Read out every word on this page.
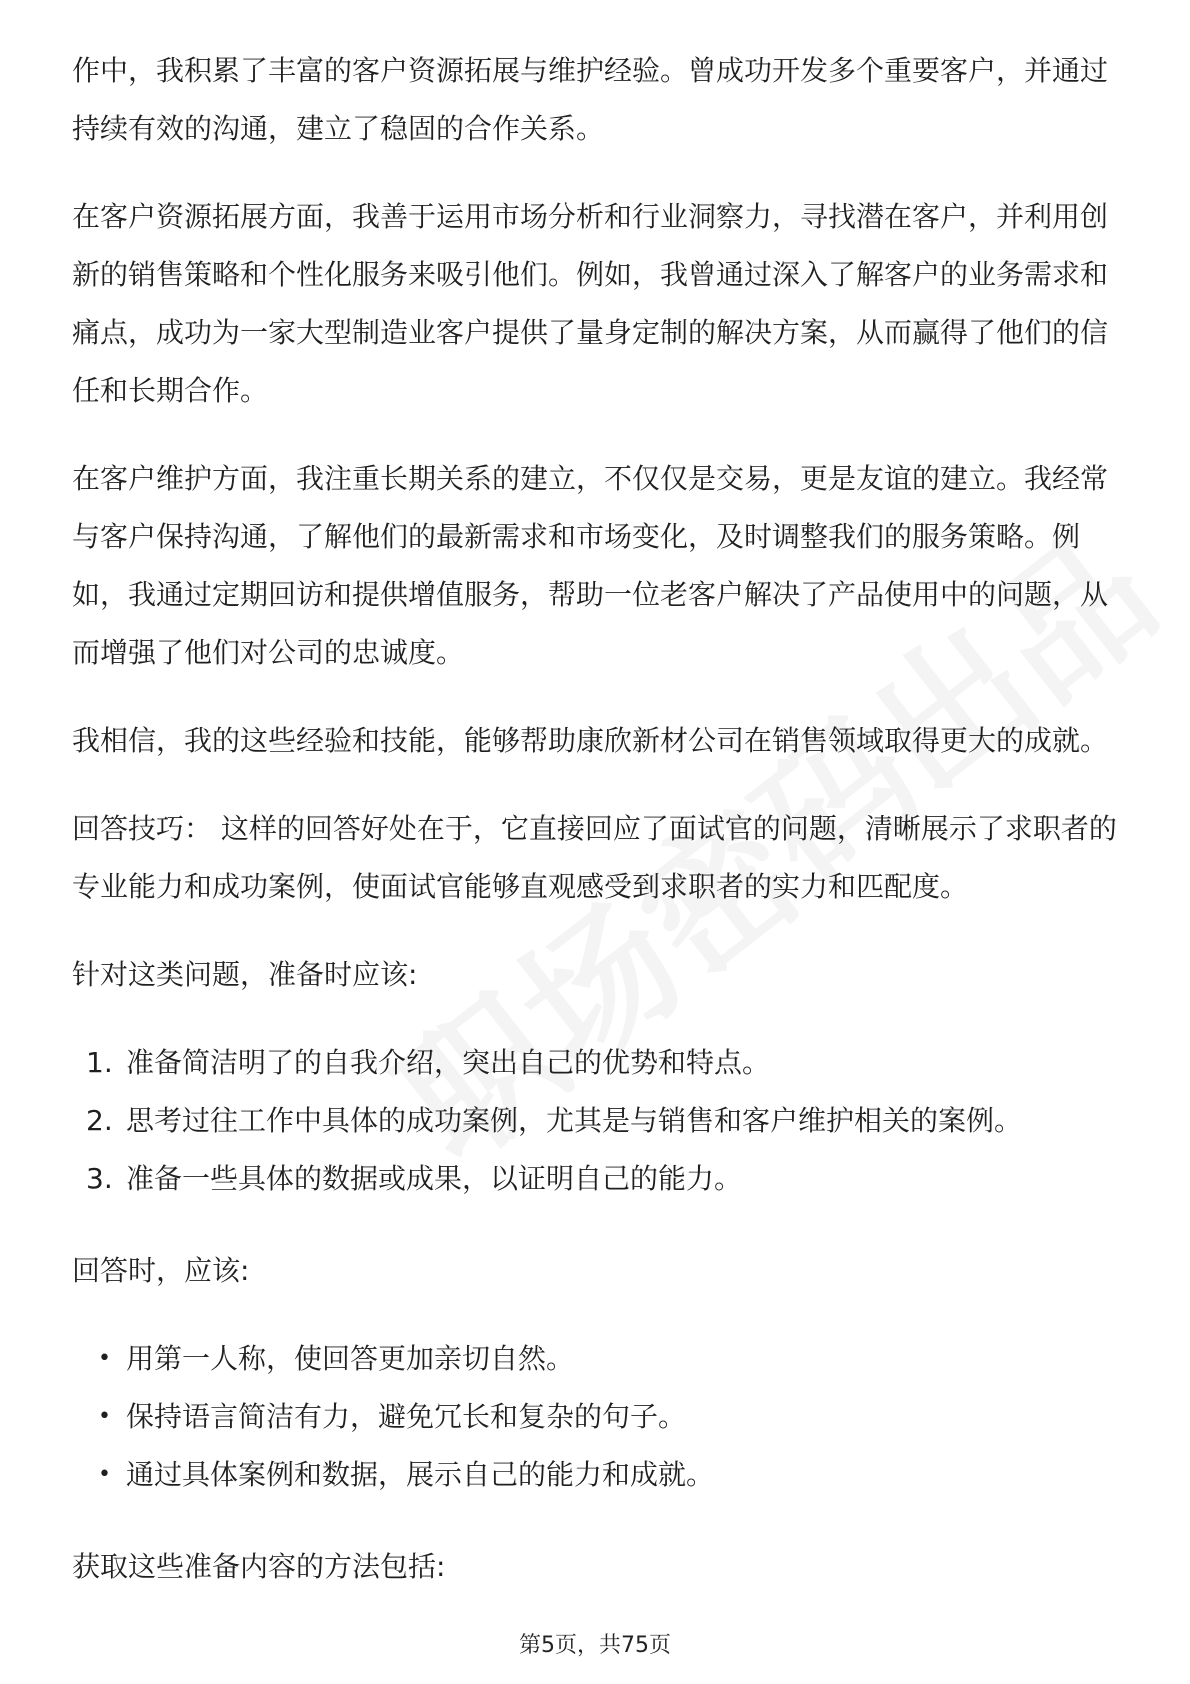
作中，我积累了丰富的客户资源拓展与维护经验。曾成功开发多个重要客户，并通过持续有效的沟通，建立了稳固的合作关系。

在客户资源拓展方面，我善于运用市场分析和行业洞察力，寻找潜在客户，并利用创新的销售策略和个性化服务来吸引他们。例如，我曾通过深入了解客户的业务需求和痛点，成功为一家大型制造业客户提供了量身定制的解决方案，从而赢得了他们的信任和长期合作。

在客户维护方面，我注重长期关系的建立，不仅仅是交易，更是友谊的建立。我经常与客户保持沟通，了解他们的最新需求和市场变化，及时调整我们的服务策略。例如，我通过定期回访和提供增值服务，帮助一位老客户解决了产品使用中的问题，从而增强了他们对公司的忠诚度。

我相信，我的这些经验和技能，能够帮助康欣新材公司在销售领域取得更大的成就。

回答技巧： 这样的回答好处在于，它直接回应了面试官的问题，清晰展示了求职者的专业能力和成功案例，使面试官能够直观感受到求职者的实力和匹配度。

针对这类问题，准备时应该:

1. 准备简洁明了的自我介绍，突出自己的优势和特点。
2. 思考过往工作中具体的成功案例，尤其是与销售和客户维护相关的案例。
3. 准备一些具体的数据或成果，以证明自己的能力。

回答时，应该:

• 用第一人称，使回答更加亲切自然。
• 保持语言简洁有力，避免冗长和复杂的句子。
• 通过具体案例和数据，展示自己的能力和成就。

获取这些准备内容的方法包括:

第5页，共75页
